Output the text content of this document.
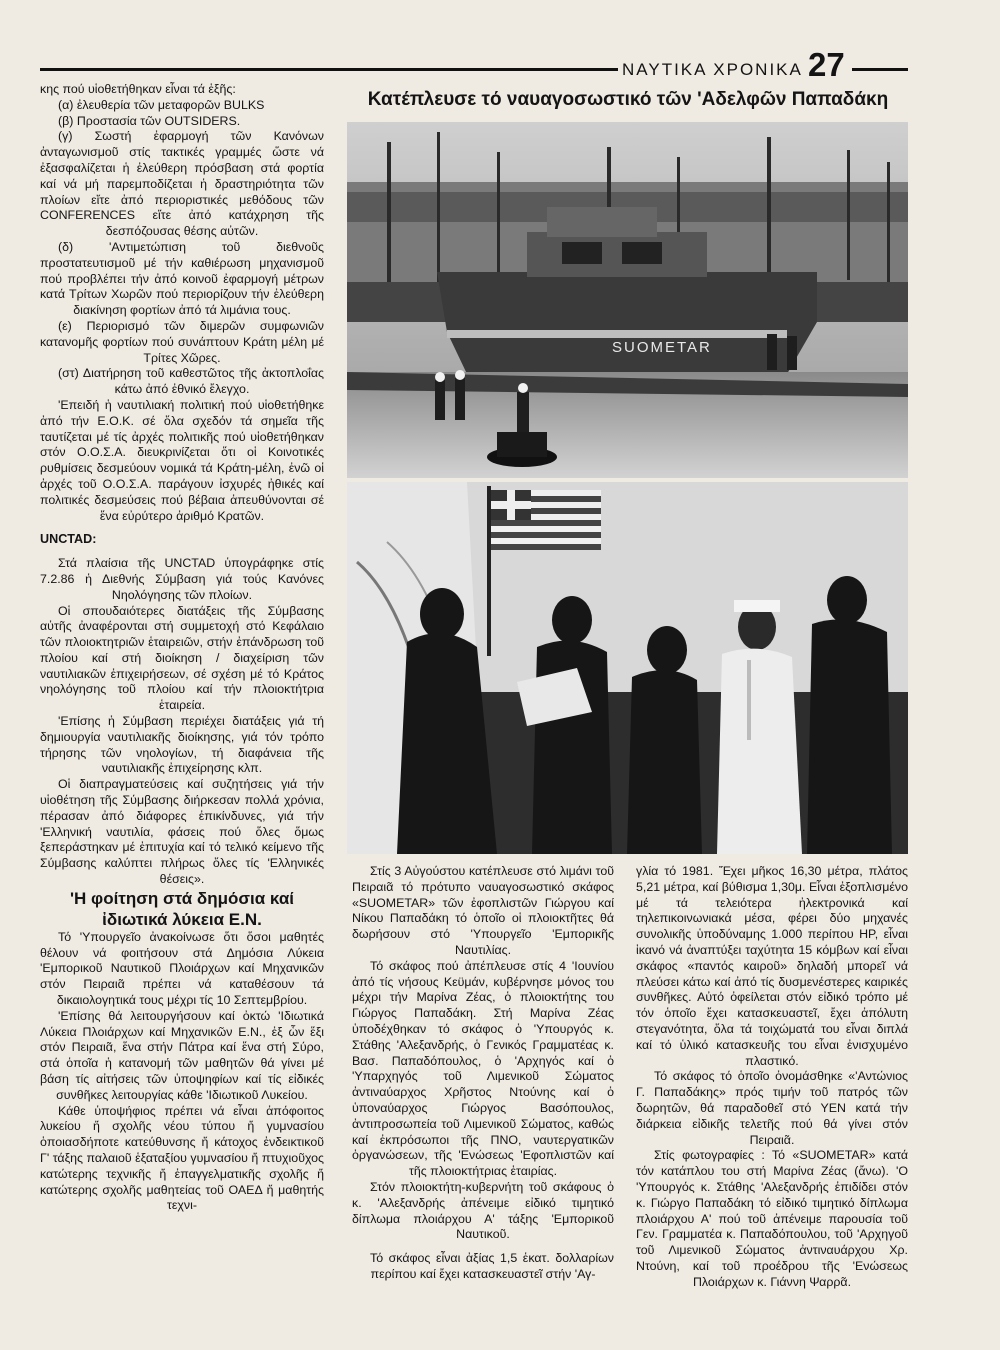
ΝΑΥΤΙΚΑ ΧΡΟΝΙΚΑ 27
Κατέπλευσε τό ναυαγοσωστικό τῶν 'Αδελφῶν Παπαδάκη

κης πού υἱοθετήθηκαν εἶναι τά ἑξῆς:

(α) ἐλευθερία τῶν μεταφορῶν BULKS

(β) Προστασία τῶν OUTSIDERS.

(γ) Σωστή ἐφαρμογή τῶν Κανόνων ἀνταγωνισμοῦ στίς τακτικές γραμμές ὥστε νά ἐξασφαλίζεται ἡ ἐλεύθερη πρόσβαση στά φορτία καί νά μή παρεμποδίζεται ἡ δραστηριότητα τῶν πλοίων εἴτε ἀπό περιοριστικές μεθόδους τῶν CONFERENCES εἴτε ἀπό κατάχρηση τῆς δεσπόζουσας θέσης αὐτῶν.

(δ) 'Αντιμετώπιση τοῦ διεθνοῦς προστατευτισμοῦ μέ τήν καθιέρωση μηχανισμοῦ πού προβλέπει τήν ἀπό κοινοῦ ἐφαρμογή μέτρων κατά Τρίτων Χωρῶν πού περιορίζουν τήν ἐλεύθερη διακίνηση φορτίων ἀπό τά λιμάνια τους.

(ε) Περιορισμό τῶν διμερῶν συμφωνιῶν κατανομῆς φορτίων πού συνάπτουν Κράτη μέλη μέ Τρίτες Χῶρες.

(στ) Διατήρηση τοῦ καθεστῶτος τῆς ἀκτοπλοΐας κάτω ἀπό ἐθνικό ἔλεγχο.

'Επειδή ἡ ναυτιλιακή πολιτική πού υἱοθετήθηκε ἀπό τήν Ε.Ο.Κ. σέ ὅλα σχεδόν τά σημεῖα τῆς ταυτίζεται μέ τίς ἀρχές πολιτικῆς πού υἱοθετήθηκαν στόν Ο.Ο.Σ.Α. διευκρινίζεται ὅτι οἱ Κοινοτικές ρυθμίσεις δεσμεύουν νομικά τά Κράτη-μέλη, ἐνῶ οἱ ἀρχές τοῦ Ο.Ο.Σ.Α. παράγουν ἰσχυρές ἠθικές καί πολιτικές δεσμεύσεις πού βέβαια ἀπευθύνονται σέ ἕνα εὐρύτερο ἀριθμό Κρατῶν.

UNCTAD:

Στά πλαίσια τῆς UNCTAD ὑπογράφηκε στίς 7.2.86 ἡ Διεθνής Σύμβαση γιά τούς Κανόνες Νηολόγησης τῶν πλοίων.

Οἱ σπουδαιότερες διατάξεις τῆς Σύμβασης αὐτῆς ἀναφέρονται στή συμμετοχή στό Κεφάλαιο τῶν πλοιοκτητριῶν ἑταιρειῶν, στήν ἐπάνδρωση τοῦ πλοίου καί στή διοίκηση / διαχείριση τῶν ναυτιλιακῶν ἐπιχειρήσεων, σέ σχέση μέ τό Κράτος νηολόγησης τοῦ πλοίου καί τήν πλοιοκτήτρια ἑταιρεία.

'Επίσης ἡ Σύμβαση περιέχει διατάξεις γιά τή δημιουργία ναυτιλιακῆς διοίκησης, γιά τόν τρόπο τήρησης τῶν νηολογίων, τή διαφάνεια τῆς ναυτιλιακῆς ἐπιχείρησης κλπ.

Οἱ διαπραγματεύσεις καί συζητήσεις γιά τήν υἱοθέτηση τῆς Σύμβασης διήρκεσαν πολλά χρόνια, πέρασαν ἀπό διάφορες ἐπικίνδυνες, γιά τήν 'Ελληνική ναυτιλία, φάσεις πού ὅλες ὅμως ξεπεράστηκαν μέ ἐπιτυχία καί τό τελικό κείμενο τῆς Σύμβασης καλύπτει πλήρως ὅλες τίς 'Ελληνικές θέσεις».

'Η φοίτηση στά δημόσια καί ἰδιωτικά λύκεια Ε.Ν.

Τό 'Υπουργεῖο ἀνακοίνωσε ὅτι ὅσοι μαθητές θέλουν νά φοιτήσουν στά Δημόσια Λύκεια 'Εμπορικοῦ Ναυτικοῦ Πλοιάρχων καί Μηχανικῶν στόν Πειραιᾶ πρέπει νά καταθέσουν τά δικαιολογητικά τους μέχρι τίς 10 Σεπτεμβρίου.

'Επίσης θά λειτουργήσουν καί ὀκτώ 'Ιδιωτικά Λύκεια Πλοιάρχων καί Μηχανικῶν Ε.Ν., ἐξ ὧν ἕξι στόν Πειραιᾶ, ἕνα στήν Πάτρα καί ἕνα στή Σύρο, στά ὁποῖα ἡ κατανομή τῶν μαθητῶν θά γίνει μέ βάση τίς αἰτήσεις τῶν ὑποψηφίων καί τίς εἰδικές συνθῆκες λειτουργίας κάθε 'Ιδιωτικοῦ Λυκείου.

Κάθε ὑποψήφιος πρέπει νά εἶναι ἀπόφοιτος λυκείου ἤ σχολῆς νέου τύπου ἤ γυμνασίου ὁποιασδήποτε κατεύθυνσης ἤ κάτοχος ἐνδεικτικοῦ Γ' τάξης παλαιοῦ ἑξαταξίου γυμνασίου ἤ πτυχιοῦχος κατώτερης τεχνικῆς ἤ ἐπαγγελματικῆς σχολῆς ἤ κατώτερης σχολῆς μαθητείας τοῦ ΟΑΕΔ ἤ μαθητής τεχνι-

SUOMETAR

Στίς 3 Αὐγούστου κατέπλευσε στό λιμάνι τοῦ Πειραιᾶ τό πρότυπο ναυαγοσωστικό σκάφος «SUOMETAR» τῶν ἐφοπλιστῶν Γιώργου καί Νίκου Παπαδάκη τό ὁποῖο οἱ πλοιοκτῆτες θά δωρήσουν στό 'Υπουργεῖο 'Εμπορικῆς Ναυτιλίας.

Τό σκάφος πού ἀπέπλευσε στίς 4 'Ιουνίου ἀπό τίς νήσους Κεϋμάν, κυβέρνησε μόνος του μέχρι τήν Μαρίνα Ζέας, ὁ πλοιοκτήτης του Γιώργος Παπαδάκη. Στή Μαρίνα Ζέας ὑποδέχθηκαν τό σκάφος ὁ 'Υπουργός κ. Στάθης 'Αλεξανδρής, ὁ Γενικός Γραμματέας κ. Βασ. Παπαδόπουλος, ὁ 'Αρχηγός καί ὁ 'Υπαρχηγός τοῦ Λιμενικοῦ Σώματος ἀντιναύαρχος Χρῆστος Ντούνης καί ὁ ὑποναύαρχος Γιώργος Βασόπουλος, ἀντιπροσωπεία τοῦ Λιμενικοῦ Σώματος, καθώς καί ἐκπρόσωποι τῆς ΠΝΟ, ναυτεργατικῶν ὀργανώσεων, τῆς 'Ενώσεως 'Εφοπλιστῶν καί τῆς πλοιοκτήτριας ἑταιρίας.

Στόν πλοιοκτήτη-κυβερνήτη τοῦ σκάφους ὁ κ. 'Αλεξανδρής ἀπένειμε εἰδικό τιμητικό δίπλωμα πλοιάρχου Α' τάξης 'Εμπορικοῦ Ναυτικοῦ.

Τό σκάφος εἶναι ἀξίας 1,5 ἑκατ. δολλαρίων περίπου καί ἔχει κατασκευαστεῖ στήν 'Αγ-

γλία τό 1981. Ἔχει μῆκος 16,30 μέτρα, πλάτος 5,21 μέτρα, καί βύθισμα 1,30μ. Εἶναι ἐξοπλισμένο μέ τά τελειότερα ἠλεκτρονικά καί τηλεπικοινωνιακά μέσα, φέρει δύο μηχανές συνολικῆς ὑποδύναμης 1.000 περίπου ΗΡ, εἶναι ἱκανό νά ἀναπτύξει ταχύτητα 15 κόμβων καί εἶναι σκάφος «παντός καιροῦ» δηλαδή μπορεῖ νά πλεύσει κάτω καί ἀπό τίς δυσμενέστερες καιρικές συνθῆκες. Αὐτό ὀφείλεται στόν εἰδικό τρόπο μέ τόν ὁποῖο ἔχει κατασκευαστεῖ, ἔχει ἀπόλυτη στεγανότητα, ὅλα τά τοιχώματά του εἶναι διπλά καί τό ὑλικό κατασκευῆς του εἶναι ἐνισχυμένο πλαστικό.

Τό σκάφος τό ὁποῖο ὀνομάσθηκε «'Αντώνιος Γ. Παπαδάκης» πρός τιμήν τοῦ πατρός τῶν δωρητῶν, θά παραδοθεῖ στό ΥΕΝ κατά τήν διάρκεια εἰδικῆς τελετῆς πού θά γίνει στόν Πειραιᾶ.

Στίς φωτογραφίες : Τό «SUOMETAR» κατά τόν κατάπλου του στή Μαρίνα Ζέας (ἄνω). 'Ο 'Υπουργός κ. Στάθης 'Αλεξανδρής ἐπιδίδει στόν κ. Γιώργο Παπαδάκη τό εἰδικό τιμητικό δίπλωμα πλοιάρχου Α' πού τοῦ ἀπένειμε παρουσία τοῦ Γεν. Γραμματέα κ. Παπαδόπουλου, τοῦ 'Αρχηγοῦ τοῦ Λιμενικοῦ Σώματος ἀντιναυάρχου Χρ. Ντούνη, καί τοῦ προέδρου τῆς 'Ενώσεως Πλοιάρχων κ. Γιάννη Ψαρρᾶ.
